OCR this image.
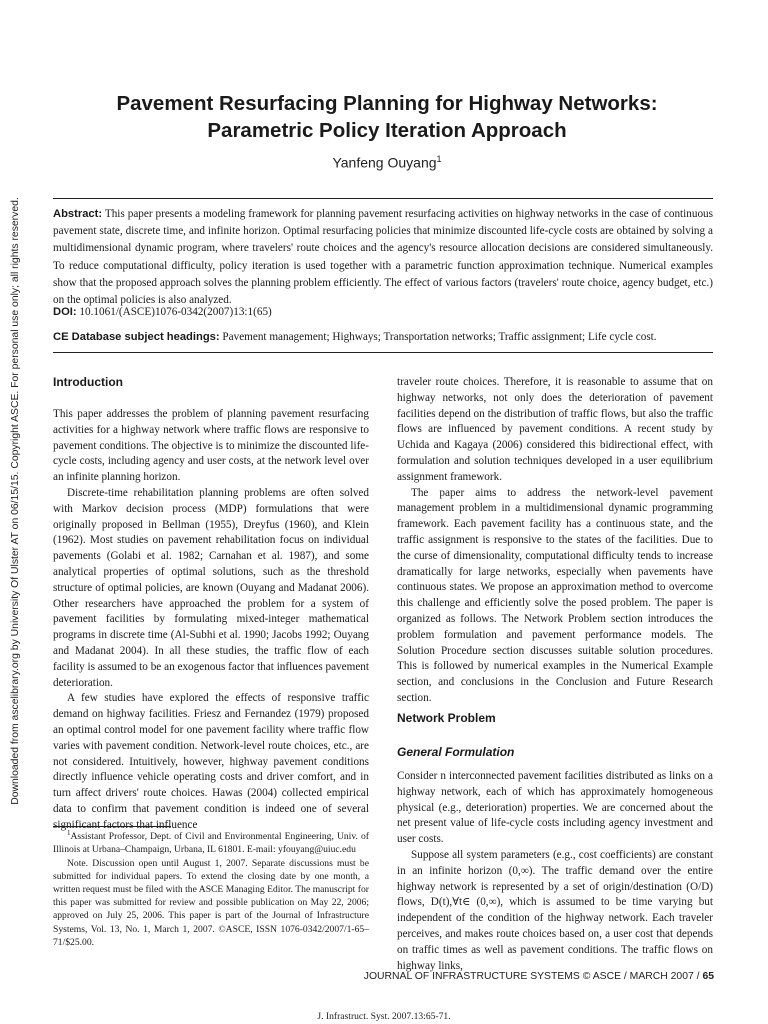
Downloaded from ascelibrary.org by University Of Ulster AT on 06/15/15. Copyright ASCE. For personal use only; all rights reserved.
Pavement Resurfacing Planning for Highway Networks:
Parametric Policy Iteration Approach
Yanfeng Ouyang$^1$
Abstract: This paper presents a modeling framework for planning pavement resurfacing activities on highway networks in the case of continuous pavement state, discrete time, and infinite horizon. Optimal resurfacing policies that minimize discounted life-cycle costs are obtained by solving a multidimensional dynamic program, where travelers' route choices and the agency's resource allocation decisions are considered simultaneously. To reduce computational difficulty, policy iteration is used together with a parametric function approximation technique. Numerical examples show that the proposed approach solves the planning problem efficiently. The effect of various factors (travelers' route choice, agency budget, etc.) on the optimal policies is also analyzed.
DOI: 10.1061/(ASCE)1076-0342(2007)13:1(65)
CE Database subject headings: Pavement management; Highways; Transportation networks; Traffic assignment; Life cycle cost.
Introduction

This paper addresses the problem of planning pavement resurfacing activities for a highway network where traffic flows are responsive to pavement conditions. The objective is to minimize the discounted life-cycle costs, including agency and user costs, at the network level over an infinite planning horizon.

Discrete-time rehabilitation planning problems are often solved with Markov decision process (MDP) formulations that were originally proposed in Bellman (1955), Dreyfus (1960), and Klein (1962). Most studies on pavement rehabilitation focus on individual pavements (Golabi et al. 1982; Carnahan et al. 1987), and some analytical properties of optimal solutions, such as the threshold structure of optimal policies, are known (Ouyang and Madanat 2006). Other researchers have approached the problem for a system of pavement facilities by formulating mixed-integer mathematical programs in discrete time (Al-Subhi et al. 1990; Jacobs 1992; Ouyang and Madanat 2004). In all these studies, the traffic flow of each facility is assumed to be an exogenous factor that influences pavement deterioration.

A few studies have explored the effects of responsive traffic demand on highway facilities. Friesz and Fernandez (1979) proposed an optimal control model for one pavement facility where traffic flow varies with pavement condition. Network-level route choices, etc., are not considered. Intuitively, however, highway pavement conditions directly influence vehicle operating costs and driver comfort, and in turn affect drivers' route choices. Hawas (2004) collected empirical data to confirm that pavement condition is indeed one of several significant factors that influence

$^1$Assistant Professor, Dept. of Civil and Environmental Engineering, Univ. of Illinois at Urbana–Champaign, Urbana, IL 61801. E-mail: yfouyang@uiuc.edu

Note. Discussion open until August 1, 2007. Separate discussions must be submitted for individual papers. To extend the closing date by one month, a written request must be filed with the ASCE Managing Editor. The manuscript for this paper was submitted for review and possible publication on May 22, 2006; approved on July 25, 2006. This paper is part of the Journal of Infrastructure Systems, Vol. 13, No. 1, March 1, 2007. ©ASCE, ISSN 1076-0342/2007/1-65–71/$25.00.

traveler route choices. Therefore, it is reasonable to assume that on highway networks, not only does the deterioration of pavement facilities depend on the distribution of traffic flows, but also the traffic flows are influenced by pavement conditions. A recent study by Uchida and Kagaya (2006) considered this bidirectional effect, with formulation and solution techniques developed in a user equilibrium assignment framework.

The paper aims to address the network-level pavement management problem in a multidimensional dynamic programming framework. Each pavement facility has a continuous state, and the traffic assignment is responsive to the states of the facilities. Due to the curse of dimensionality, computational difficulty tends to increase dramatically for large networks, especially when pavements have continuous states. We propose an approximation method to overcome this challenge and efficiently solve the posed problem. The paper is organized as follows. The Network Problem section introduces the problem formulation and pavement performance models. The Solution Procedure section discusses suitable solution procedures. This is followed by numerical examples in the Numerical Example section, and conclusions in the Conclusion and Future Research section.

Network Problem
General Formulation

Consider n interconnected pavement facilities distributed as links on a highway network, each of which has approximately homogeneous physical (e.g., deterioration) properties. We are concerned about the net present value of life-cycle costs including agency investment and user costs.

Suppose all system parameters (e.g., cost coefficients) are constant in an infinite horizon (0,∞). The traffic demand over the entire highway network is represented by a set of origin/destination (O/D) flows, D(t),∀t∈ (0,∞), which is assumed to be time varying but independent of the condition of the highway network. Each traveler perceives, and makes route choices based on, a user cost that depends on traffic times as well as pavement conditions. The traffic flows on highway links,

JOURNAL OF INFRASTRUCTURE SYSTEMS © ASCE / MARCH 2007 / 65
J. Infrastruct. Syst. 2007.13:65-71.
